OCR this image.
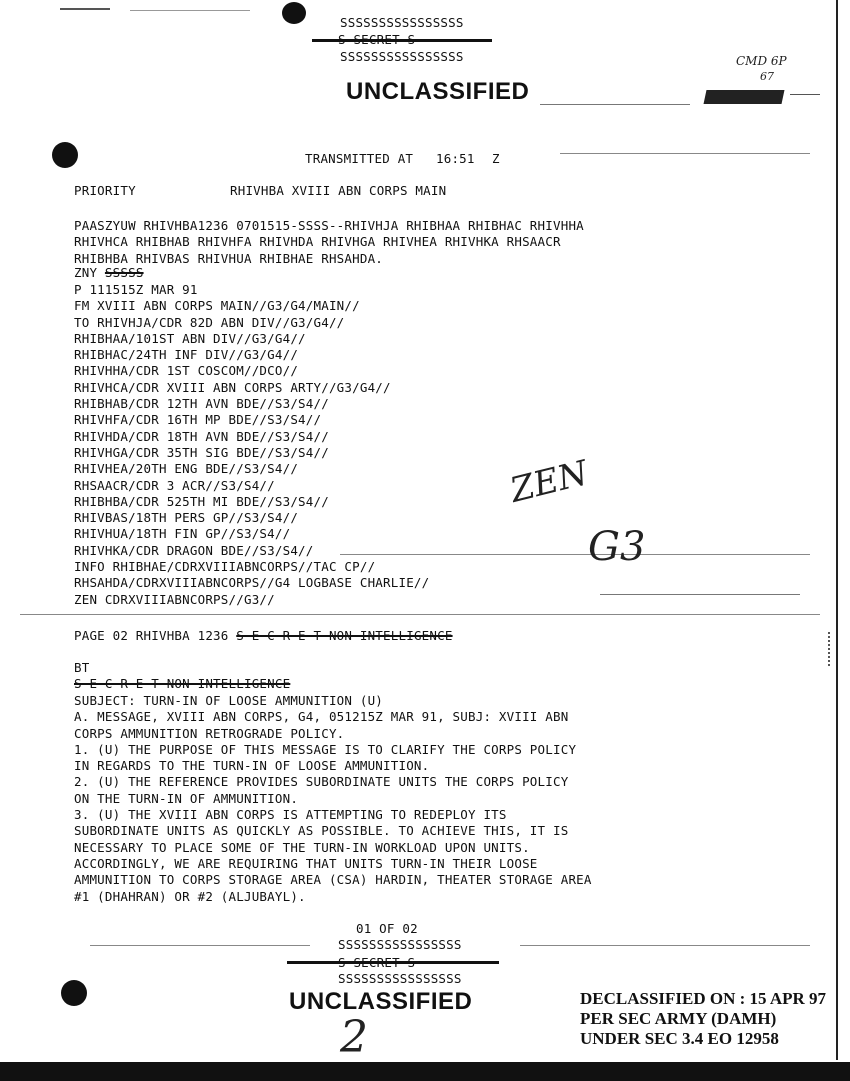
SSSSSSSSSSSSSSSS
SSSSSSSSSSSSSSSS
UNCLASSIFIED
CMD 6P
67
TRANSMITTED AT 16:51 Z
PRIORITY	RHIVHBA XVIII ABN CORPS MAIN
PAASZYUW RHIVHBA1236 0701515-SSSS--RHIVHJA RHIBHAA RHIBHAC RHIVHHA
RHIVHCA RHIBHAB RHIVHFA RHIVHDA RHIVHGA RHIVHEA RHIVHKA RHSAACR
RHIBHBA RHIVBAS RHIVHUA RHIBHAE RHSAHDA.
ZNY SSSSS
P 111515Z MAR 91
FM XVIII ABN CORPS MAIN//G3/G4/MAIN//
TO RHIVHJA/CDR 82D ABN DIV//G3/G4//
RHIBHAA/101ST ABN DIV//G3/G4//
RHIBHAC/24TH INF DIV//G3/G4//
RHIVHHA/CDR 1ST COSCOM//DCO//
RHIVHCA/CDR XVIII ABN CORPS ARTY//G3/G4//
RHIBHAB/CDR 12TH AVN BDE//S3/S4//
RHIVHFA/CDR 16TH MP BDE//S3/S4//
RHIVHDA/CDR 18TH AVN BDE//S3/S4//
RHIVHGA/CDR 35TH SIG BDE//S3/S4//
RHIVHEA/20TH ENG BDE//S3/S4//
RHSAACR/CDR 3 ACR//S3/S4//
RHIBHBA/CDR 525TH MI BDE//S3/S4//
RHIVBAS/18TH PERS GP//S3/S4//
RHIVHUA/18TH FIN GP//S3/S4//
RHIVHKA/CDR DRAGON BDE//S3/S4//
INFO RHIBHAE/CDRXVIIIABNCORPS//TAC CP//
RHSAHDA/CDRXVIIIABNCORPS//G4 LOGBASE CHARLIE//
ZEN CDRXVIIIABNCORPS//G3//
ZEN
G3
PAGE 02 RHIVHBA 1236 S E C R E T NON INTELLIGENCE
BT
S E C R E T NON INTELLIGENCE
SUBJECT: TURN-IN OF LOOSE AMMUNITION (U)
A. MESSAGE, XVIII ABN CORPS, G4, 051215Z MAR 91, SUBJ: XVIII ABN
CORPS AMMUNITION RETROGRADE POLICY.
1. (U) THE PURPOSE OF THIS MESSAGE IS TO CLARIFY THE CORPS POLICY
IN REGARDS TO THE TURN-IN OF LOOSE AMMUNITION.
2. (U) THE REFERENCE PROVIDES SUBORDINATE UNITS THE CORPS POLICY
ON THE TURN-IN OF AMMUNITION.
3. (U) THE XVIII ABN CORPS IS ATTEMPTING TO REDEPLOY ITS
SUBORDINATE UNITS AS QUICKLY AS POSSIBLE. TO ACHIEVE THIS, IT IS
NECESSARY TO PLACE SOME OF THE TURN-IN WORKLOAD UPON UNITS.
ACCORDINGLY, WE ARE REQUIRING THAT UNITS TURN-IN THEIR LOOSE
AMMUNITION TO CORPS STORAGE AREA (CSA) HARDIN, THEATER STORAGE AREA
#1 (DHAHRAN) OR #2 (ALJUBAYL).
01 OF 02
SSSSSSSSSSSSSSSS
SSSSSSSSSSSSSSSS
UNCLASSIFIED	DECLASSIFIED ON : 15 APR 97
PER SEC ARMY (DAMH)
UNDER SEC 3.4 EO 12958
2
